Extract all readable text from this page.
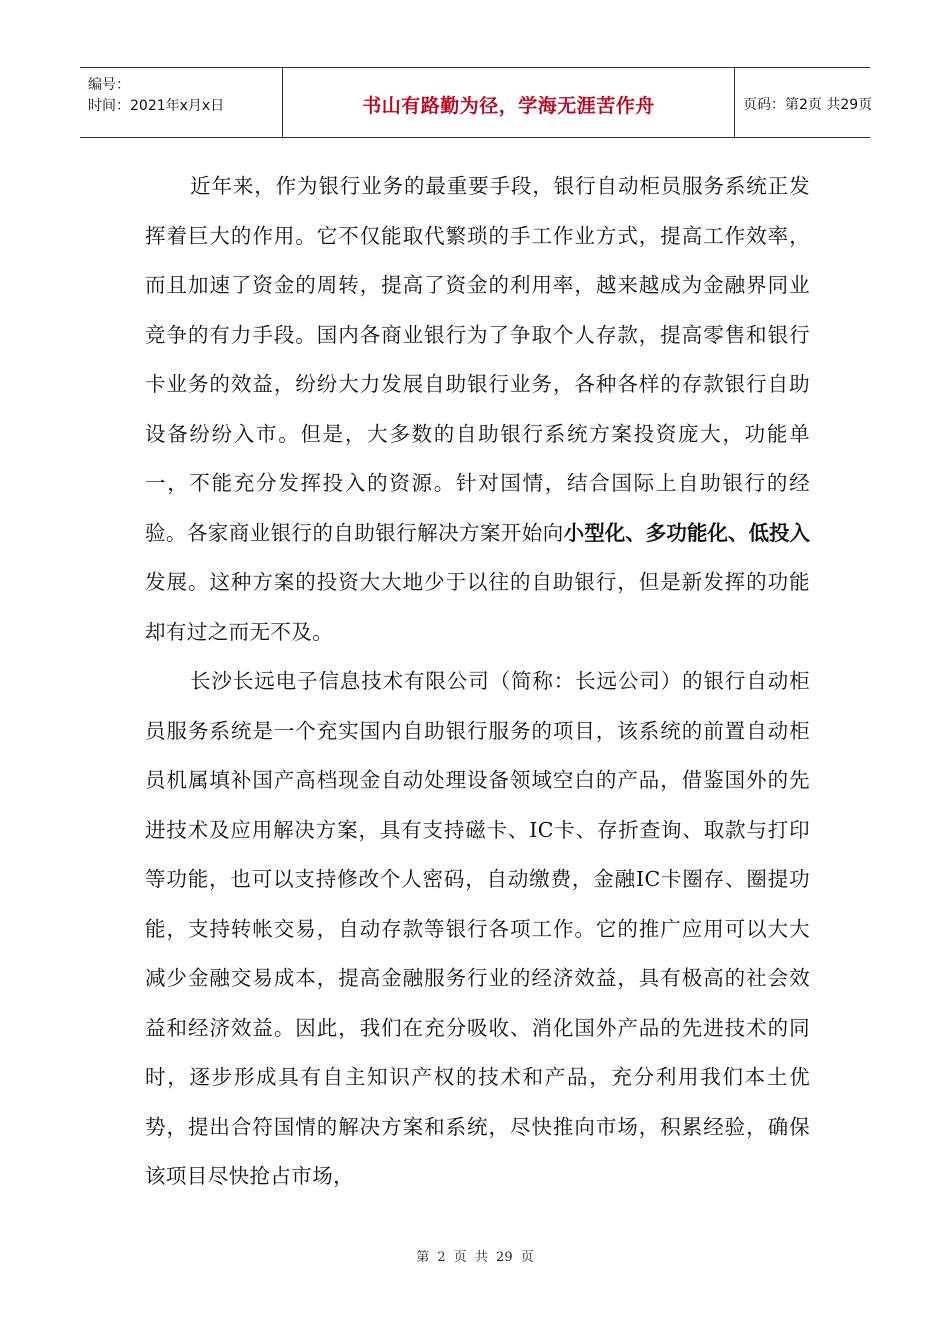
编号：
时间：2021年x月x日	书山有路勤为径，学海无涯苦作舟	页码：第2页 共29页

近年来，作为银行业务的最重要手段，银行自动柜员服务系统正发挥着巨大的作用。它不仅能取代繁琐的手工作业方式，提高工作效率，而且加速了资金的周转，提高了资金的利用率，越来越成为金融界同业竞争的有力手段。国内各商业银行为了争取个人存款，提高零售和银行卡业务的效益，纷纷大力发展自助银行业务，各种各样的存款银行自助设备纷纷入市。但是，大多数的自助银行系统方案投资庞大，功能单一，不能充分发挥投入的资源。针对国情，结合国际上自助银行的经验。各家商业银行的自助银行解决方案开始向小型化、多功能化、低投入发展。这种方案的投资大大地少于以往的自助银行，但是新发挥的功能却有过之而无不及。

长沙长远电子信息技术有限公司（简称：长远公司）的银行自动柜员服务系统是一个充实国内自助银行服务的项目，该系统的前置自动柜员机属填补国产高档现金自动处理设备领域空白的产品，借鉴国外的先进技术及应用解决方案，具有支持磁卡、IC卡、存折查询、取款与打印等功能，也可以支持修改个人密码，自动缴费，金融IC卡圈存、圈提功能，支持转帐交易，自动存款等银行各项工作。它的推广应用可以大大减少金融交易成本，提高金融服务行业的经济效益，具有极高的社会效益和经济效益。因此，我们在充分吸收、消化国外产品的先进技术的同时，逐步形成具有自主知识产权的技术和产品，充分利用我们本土优势，提出合符国情的解决方案和系统，尽快推向市场，积累经验，确保该项目尽快抢占市场，

第 2 页 共 29 页
